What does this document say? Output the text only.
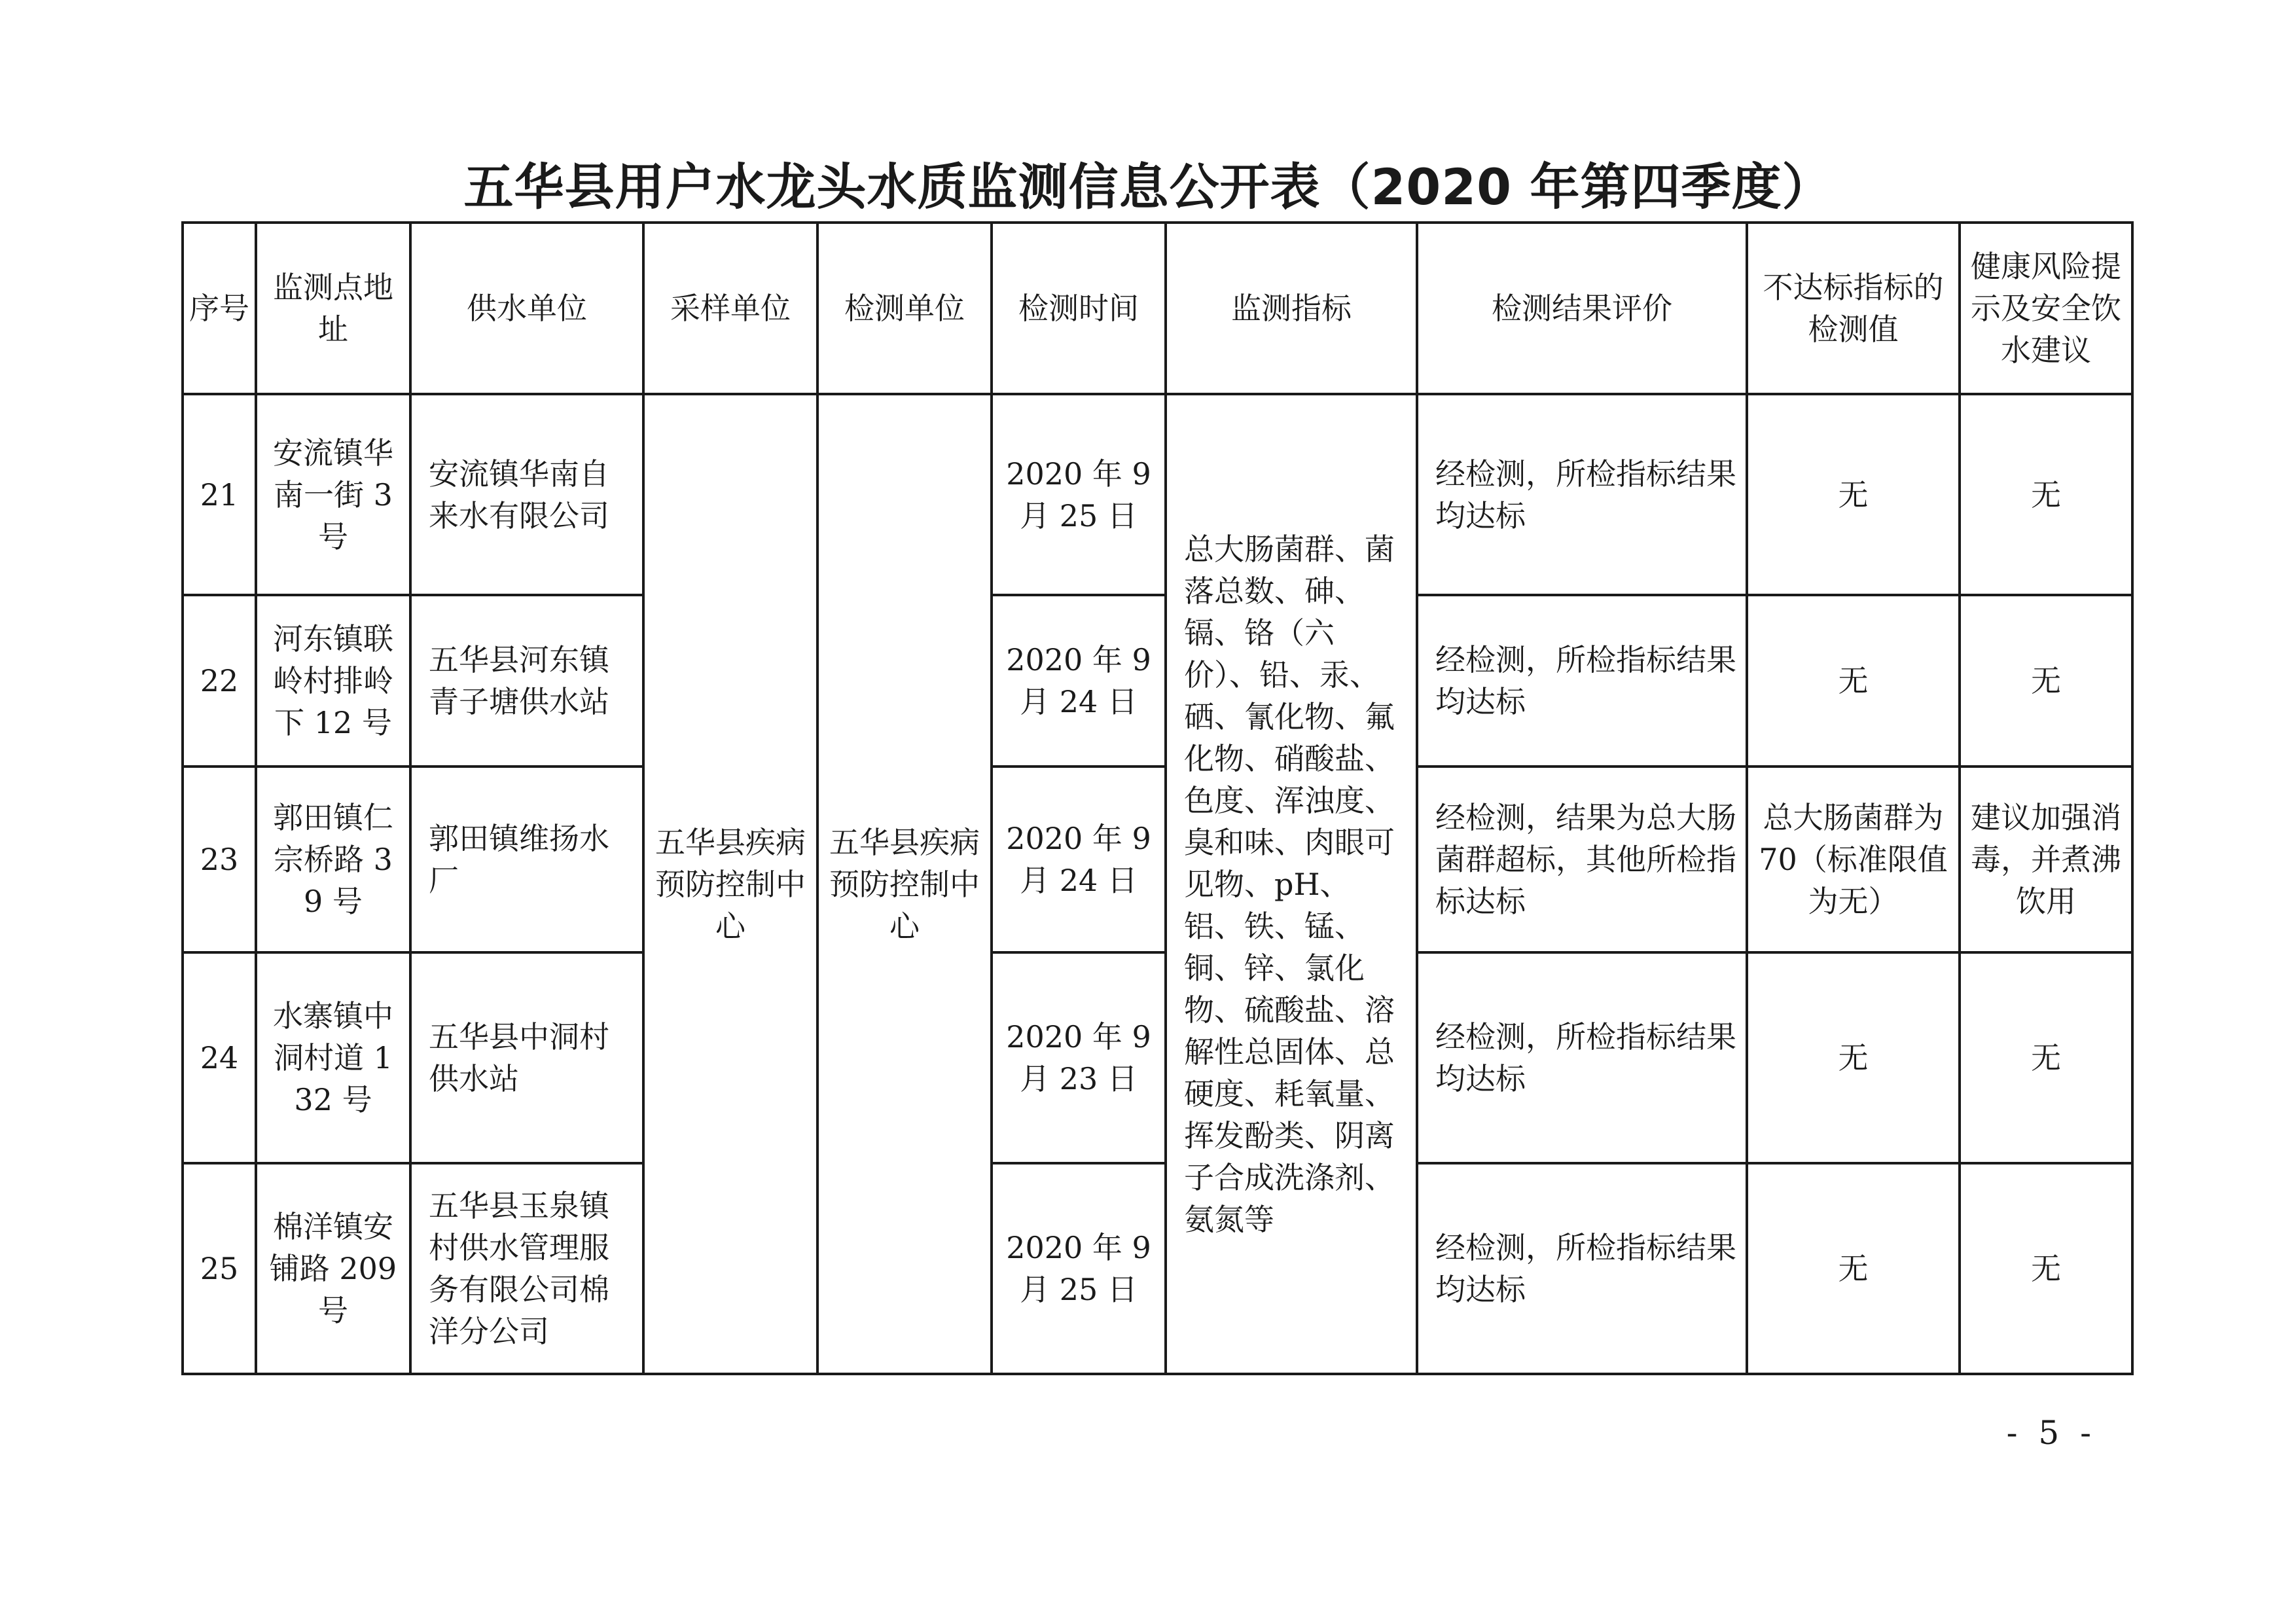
五华县用户水龙头水质监测信息公开表（2020 年第四季度）
序号	监测点地址	供水单位	采样单位	检测单位	检测时间	监测指标	检测结果评价	不达标指标的检测值	健康风险提示及安全饮水建议
21	安流镇华南一街 3 号	安流镇华南自来水有限公司	五华县疾病预防控制中心	五华县疾病预防控制中心	2020 年 9 月 25 日	总大肠菌群、菌落总数、砷、镉、铬（六价）、铅、汞、硒、氰化物、氟化物、硝酸盐、色度、浑浊度、臭和味、肉眼可见物、pH、铝、铁、锰、铜、锌、氯化物、硫酸盐、溶解性总固体、总硬度、耗氧量、挥发酚类、阴离子合成洗涤剂、氨氮等	经检测，所检指标结果均达标	无	无
22	河东镇联岭村排岭下 12 号	五华县河东镇青子塘供水站			2020 年 9 月 24 日		经检测，所检指标结果均达标	无	无
23	郭田镇仁宗桥路 39 号	郭田镇维扬水厂			2020 年 9 月 24 日		经检测，结果为总大肠菌群超标，其他所检指标达标	总大肠菌群为 70（标准限值为无）	建议加强消毒，并煮沸饮用
24	水寨镇中洞村道 132 号	五华县中洞村供水站			2020 年 9 月 23 日		经检测，所检指标结果均达标	无	无
25	棉洋镇安铺路 209 号	五华县玉泉镇村供水管理服务有限公司棉洋分公司			2020 年 9 月 25 日		经检测，所检指标结果均达标	无	无
- 5 -
